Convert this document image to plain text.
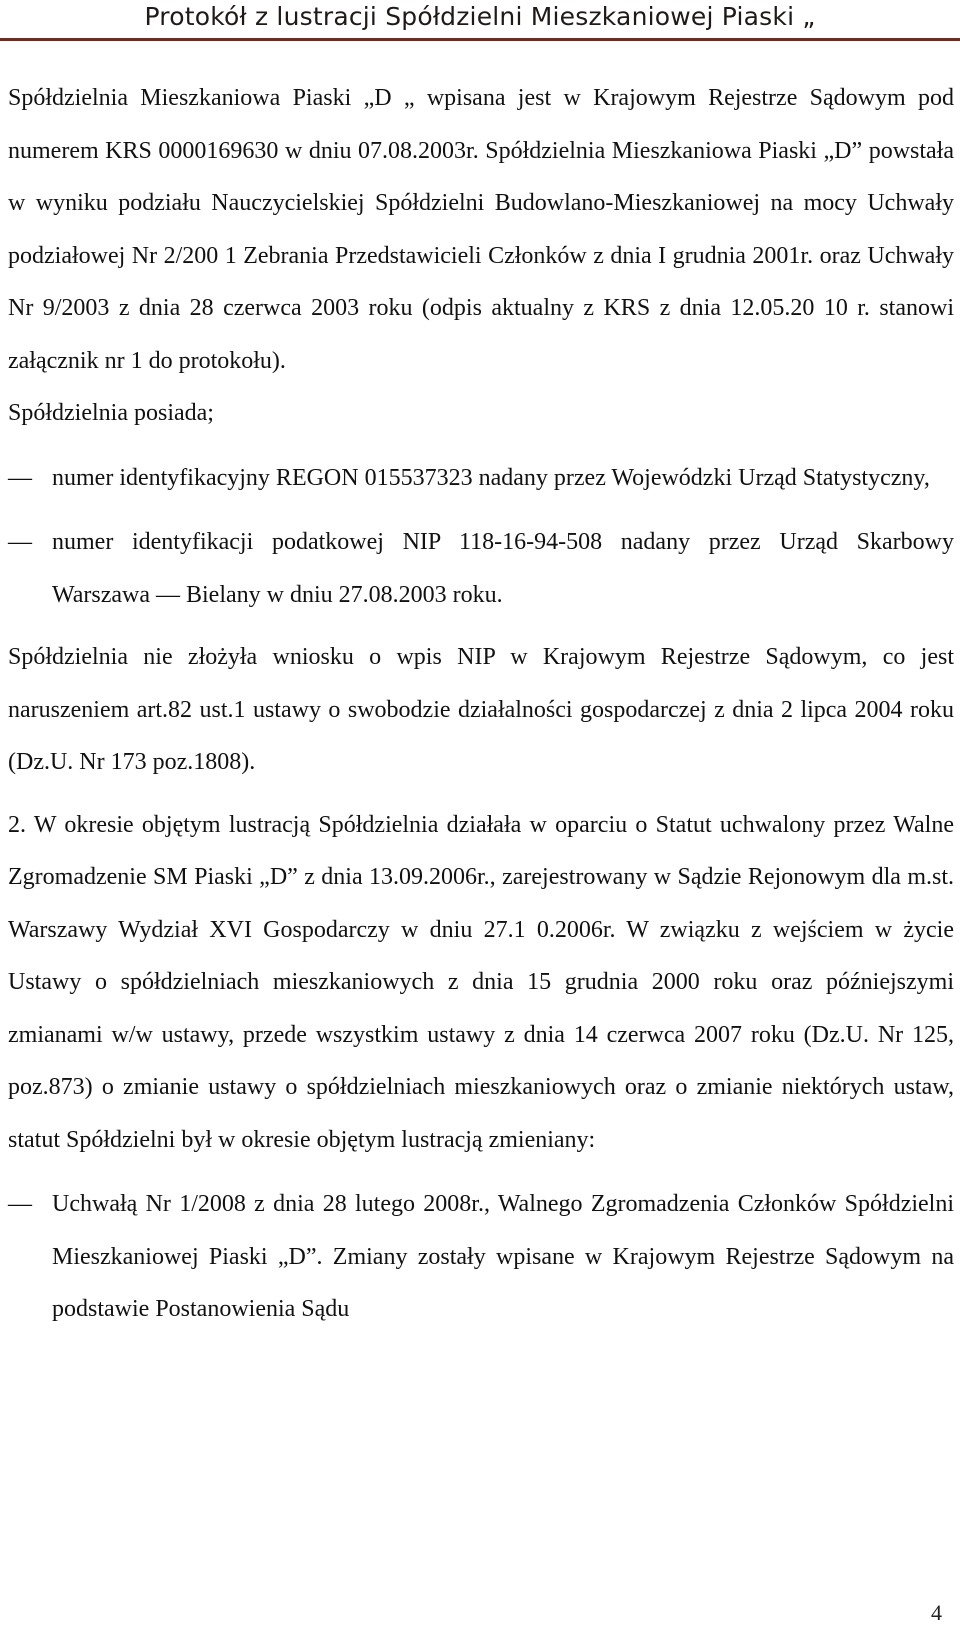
Protokół z lustracji Spółdzielni Mieszkaniowej Piaski „

Spółdzielnia Mieszkaniowa Piaski „D „ wpisana jest w Krajowym Rejestrze Sądowym pod numerem KRS 0000169630 w dniu 07.08.2003r. Spółdzielnia Mieszkaniowa Piaski „D” powstała w wyniku podziału Nauczycielskiej Spółdzielni Budowlano-Mieszkaniowej na mocy Uchwały podziałowej Nr 2/200 1 Zebrania Przedstawicieli Członków z dnia I grudnia 2001r. oraz Uchwały Nr 9/2003 z dnia 28 czerwca 2003 roku (odpis aktualny z KRS z dnia 12.05.20 10 r. stanowi załącznik nr 1 do protokołu).

Spółdzielnia posiada;

— numer identyfikacyjny REGON 015537323 nadany przez Wojewódzki Urząd Statystyczny,
— numer identyfikacji podatkowej NIP 118-16-94-508 nadany przez Urząd Skarbowy Warszawa — Bielany w dniu 27.08.2003 roku.

Spółdzielnia nie złożyła wniosku o wpis NIP w Krajowym Rejestrze Sądowym, co jest naruszeniem art.82 ust.1 ustawy o swobodzie działalności gospodarczej z dnia 2 lipca 2004 roku (Dz.U. Nr 173 poz.1808).

2. W okresie objętym lustracją Spółdzielnia działała w oparciu o Statut uchwalony przez Walne Zgromadzenie SM Piaski „D” z dnia 13.09.2006r., zarejestrowany w Sądzie Rejonowym dla m.st. Warszawy Wydział XVI Gospodarczy w dniu 27.1 0.2006r. W związku z wejściem w życie Ustawy o spółdzielniach mieszkaniowych z dnia 15 grudnia 2000 roku oraz późniejszymi zmianami w/w ustawy, przede wszystkim ustawy z dnia 14 czerwca 2007 roku (Dz.U. Nr 125, poz.873) o zmianie ustawy o spółdzielniach mieszkaniowych oraz o zmianie niektórych ustaw, statut Spółdzielni był w okresie objętym lustracją zmieniany:

— Uchwałą Nr 1/2008 z dnia 28 lutego 2008r., Walnego Zgromadzenia Członków Spółdzielni Mieszkaniowej Piaski „D”. Zmiany zostały wpisane w Krajowym Rejestrze Sądowym na podstawie Postanowienia Sądu
4
